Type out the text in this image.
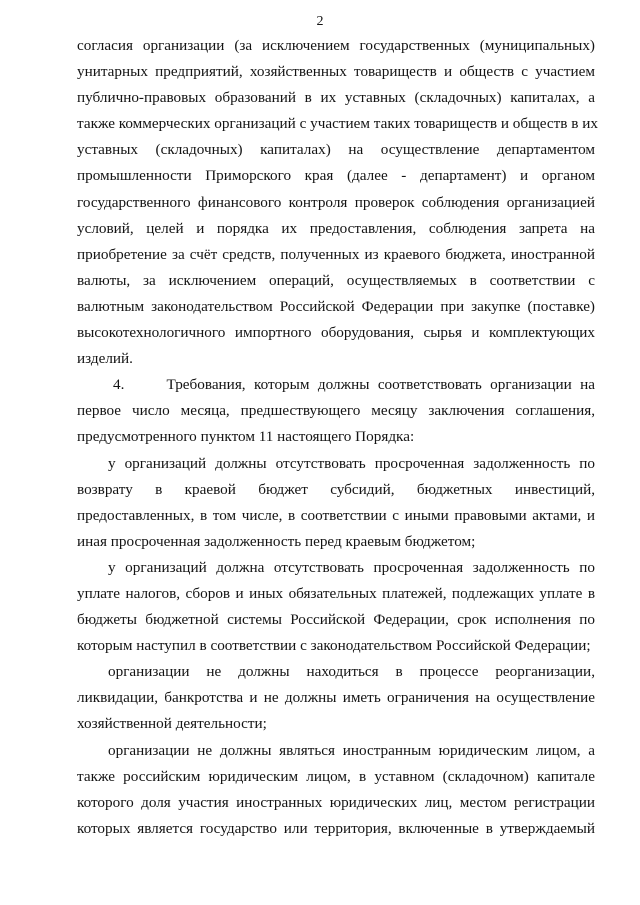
2

согласия организации (за исключением государственных (муниципальных)
унитарных предприятий, хозяйственных товариществ и обществ с участием
публично-правовых образований в их уставных (складочных) капиталах, а
также коммерческих организаций с участием таких товариществ и обществ в их
уставных (складочных) капиталах) на осуществление департаментом
промышленности Приморского края (далее - департамент) и органом
государственного финансового контроля проверок соблюдения организацией
условий, целей и порядка их предоставления, соблюдения запрета на
приобретение за счёт средств, полученных из краевого бюджета, иностранной
валюты, за исключением операций, осуществляемых в соответствии с
валютным законодательством Российской Федерации при закупке (поставке)
высокотехнологичного импортного оборудования, сырья и комплектующих
изделий.

4.     Требования, которым должны соответствовать организации на
первое число месяца, предшествующего месяцу заключения соглашения,
предусмотренного пунктом 11 настоящего Порядка:

у организаций должны отсутствовать просроченная задолженность по
возврату в краевой бюджет субсидий, бюджетных инвестиций,
предоставленных, в том числе, в соответствии с иными правовыми актами, и
иная просроченная задолженность перед краевым бюджетом;

у организаций должна отсутствовать просроченная задолженность по
уплате налогов, сборов и иных обязательных платежей, подлежащих уплате в
бюджеты бюджетной системы Российской Федерации, срок исполнения по
которым наступил в соответствии с законодательством Российской Федерации;

организации не должны находиться в процессе реорганизации,
ликвидации, банкротства и не должны иметь ограничения на осуществление
хозяйственной деятельности;

организации не должны являться иностранным юридическим лицом, а
также российским юридическим лицом, в уставном (складочном) капитале
которого доля участия иностранных юридических лиц, местом регистрации
которых является государство или территория, включенные в утверждаемый
